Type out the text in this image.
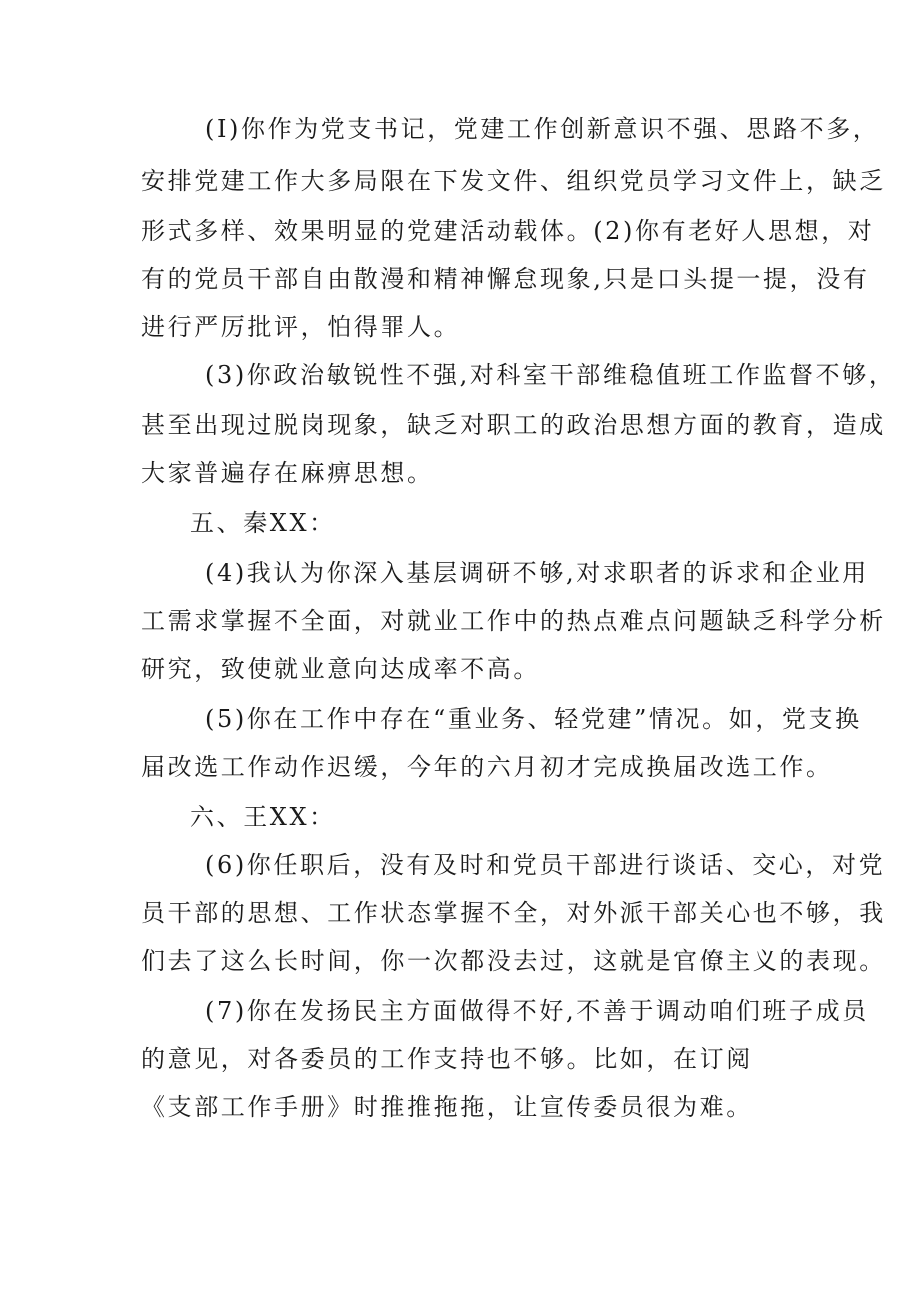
(I)你作为党支书记，党建工作创新意识不强、思路不多，
安排党建工作大多局限在下发文件、组织党员学习文件上，缺乏
形式多样、效果明显的党建活动载体。(2)你有老好人思想，对
有的党员干部自由散漫和精神懈怠现象,只是口头提一提，没有
进行严厉批评，怕得罪人。
(3)你政治敏锐性不强,对科室干部维稳值班工作监督不够，
甚至出现过脱岗现象，缺乏对职工的政治思想方面的教育，造成
大家普遍存在麻痹思想。
五、秦XX：
(4)我认为你深入基层调研不够,对求职者的诉求和企业用
工需求掌握不全面，对就业工作中的热点难点问题缺乏科学分析
研究，致使就业意向达成率不高。
(5)你在工作中存在“重业务、轻党建”情况。如，党支换
届改选工作动作迟缓，今年的六月初才完成换届改选工作。
六、王XX：
(6)你任职后，没有及时和党员干部进行谈话、交心，对党
员干部的思想、工作状态掌握不全，对外派干部关心也不够，我
们去了这么长时间，你一次都没去过，这就是官僚主义的表现。
(7)你在发扬民主方面做得不好,不善于调动咱们班子成员
的意见，对各委员的工作支持也不够。比如，在订阅
《支部工作手册》时推推拖拖，让宣传委员很为难。
